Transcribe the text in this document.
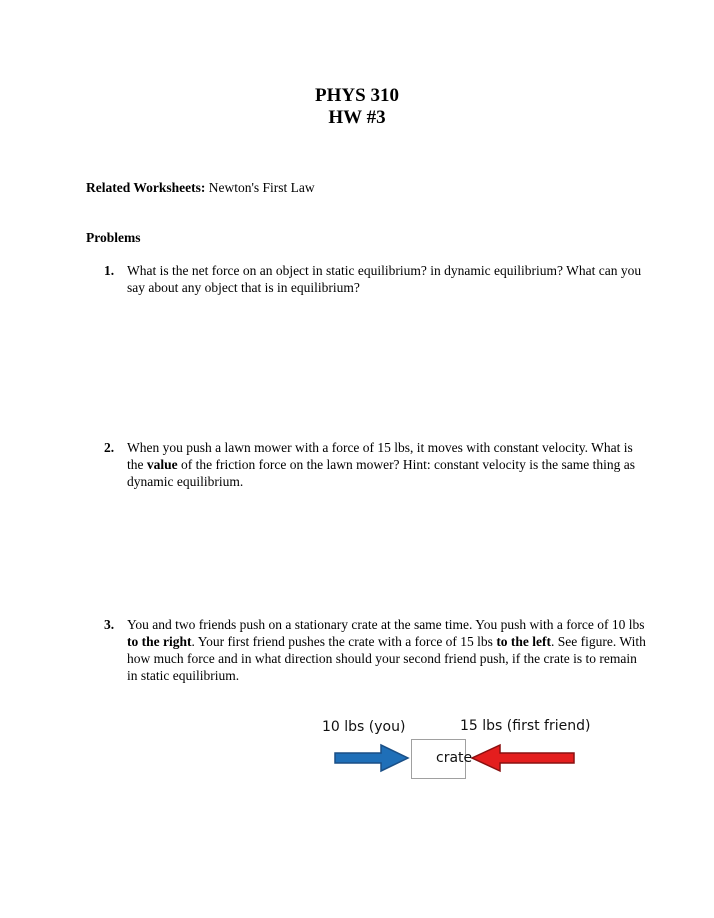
PHYS 310
HW #3
Related Worksheets: Newton's First Law
Problems
1. What is the net force on an object in static equilibrium? in dynamic equilibrium? What can you say about any object that is in equilibrium?
2. When you push a lawn mower with a force of 15 lbs, it moves with constant velocity. What is the value of the friction force on the lawn mower? Hint: constant velocity is the same thing as dynamic equilibrium.
3. You and two friends push on a stationary crate at the same time. You push with a force of 10 lbs to the right. Your first friend pushes the crate with a force of 15 lbs to the left. See figure. With how much force and in what direction should your second friend push, if the crate is to remain in static equilibrium.
10 lbs (you)	15 lbs (first friend)
crate
